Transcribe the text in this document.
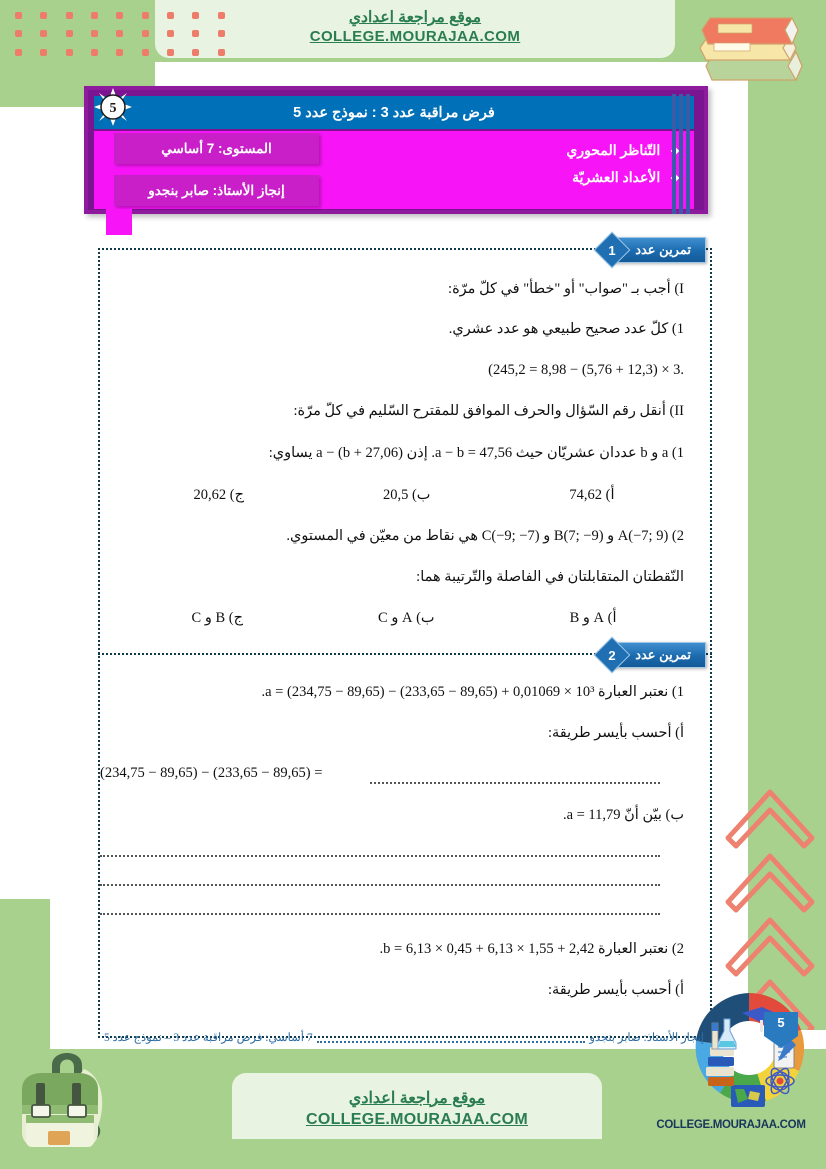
COLLEGE.MOURAJAA.COM
موقع مراجعة اعدادي
COLLEGE.MOURAJAA.COM
فرض مراقبة عدد 3 : نموذج عدد 5
التّناظر المحوري
الأعداد العشريّة
المستوى: 7 أساسي
إنجاز الأستاذ: صابر بنجدو
5
1	تمرين عدد
I) أجب بـ "صواب" أو "خطأ" في كلّ مرّة:
1) كلّ عدد صحيح طبيعي هو عدد عشري.
45,2 = 8,98 − (5,76 + 12,3) × 3.2)
II) أنقل رقم السّؤال والحرف الموافق للمقترح السّليم في كلّ مرّة:
1) a و b عددان عشريّان حيث a − b = 47,56. إذن (b + 27,06) − a يساوي:
أ) 74,62
ب) 20,5
ج) 20,62
2) (9 ;7−)A و (9− ;7)B و (7− ;9−)C هي نقاط من معيّن في المستوي.
النّقطتان المتقابلتان في الفاصلة والتّرتيبة هما:
أ) A و B
ب) A و C
ج) B و C
2	تمرين عدد
1) نعتبر العبارة a = (234,75 − 89,65) − (233,65 − 89,65) + 0,01069 × 10³.
أ) أحسب بأيسر طريقة:
(234,75 − 89,65) − (233,65 − 89,65) =
ب) بيّن أنّ a = 11,79.
2) نعتبر العبارة b = 6,13 × 0,45 + 6,13 × 1,55 + 2,42.
أ) أحسب بأيسر طريقة:
إنجاز الأستاذ: صابر بنجدو
7 أساسي: فرض مراقبة عدد 3 – نموذج عدد 5
5
موقع مراجعة اعدادي
COLLEGE.MOURAJAA.COM
